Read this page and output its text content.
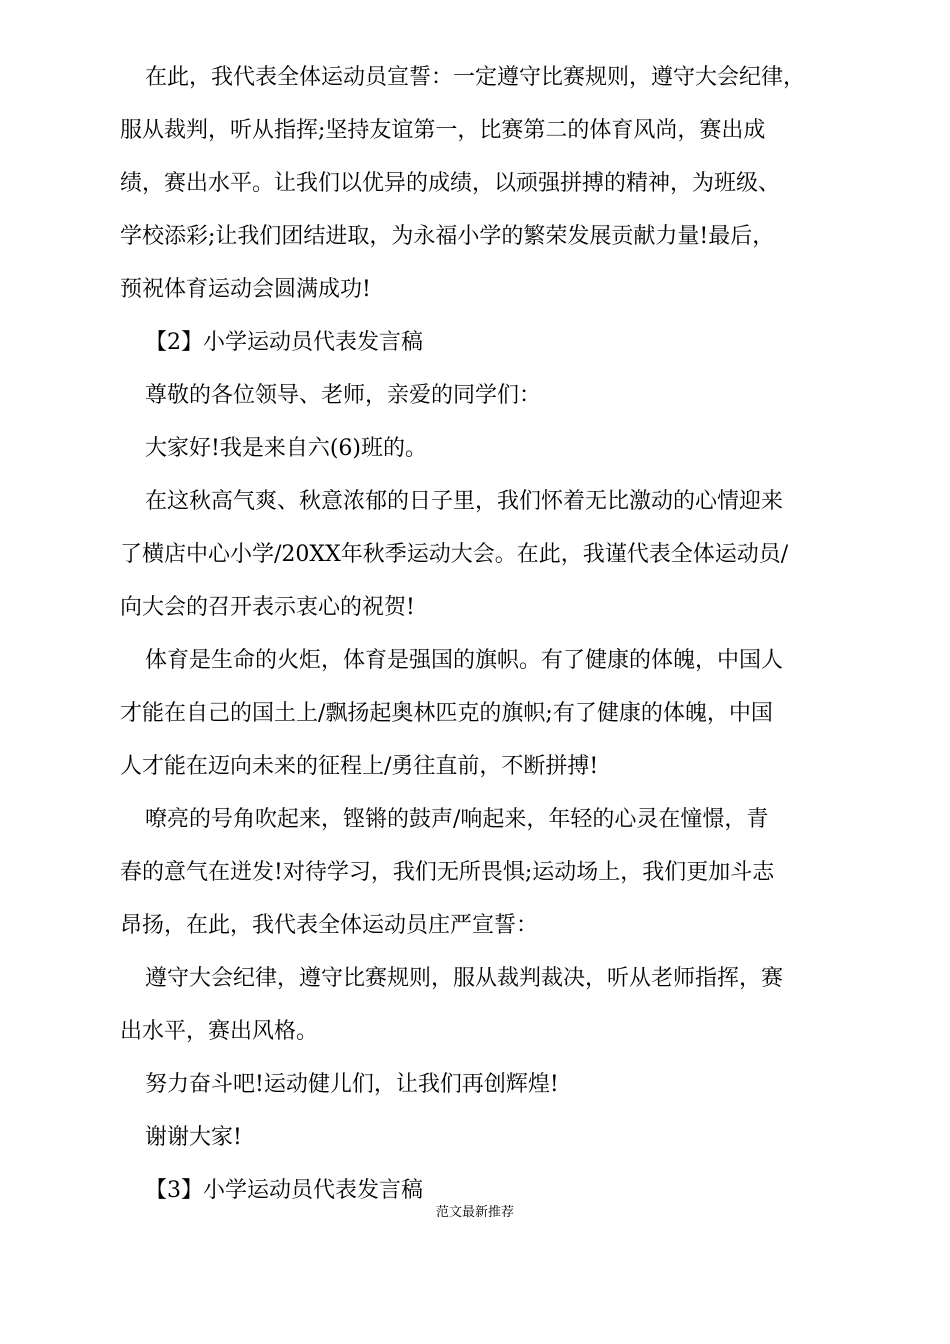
在此，我代表全体运动员宣誓：一定遵守比赛规则，遵守大会纪律，
服从裁判，听从指挥;坚持友谊第一，比赛第二的体育风尚，赛出成
绩，赛出水平。让我们以优异的成绩，以顽强拼搏的精神，为班级、
学校添彩;让我们团结进取，为永福小学的繁荣发展贡献力量!最后，
预祝体育运动会圆满成功!
【2】小学运动员代表发言稿
尊敬的各位领导、老师，亲爱的同学们：
大家好!我是来自六(6)班的。
在这秋高气爽、秋意浓郁的日子里，我们怀着无比激动的心情迎来
了横店中心小学/20XX年秋季运动大会。在此，我谨代表全体运动员/
向大会的召开表示衷心的祝贺!
体育是生命的火炬，体育是强国的旗帜。有了健康的体魄，中国人
才能在自己的国土上/飘扬起奥林匹克的旗帜;有了健康的体魄，中国
人才能在迈向未来的征程上/勇往直前，不断拼搏!
嘹亮的号角吹起来，铿锵的鼓声/响起来，年轻的心灵在憧憬，青
春的意气在迸发!对待学习，我们无所畏惧;运动场上，我们更加斗志
昂扬，在此，我代表全体运动员庄严宣誓：
遵守大会纪律，遵守比赛规则，服从裁判裁决，听从老师指挥，赛
出水平，赛出风格。
努力奋斗吧!运动健儿们，让我们再创辉煌!
谢谢大家!
【3】小学运动员代表发言稿
范文最新推荐
